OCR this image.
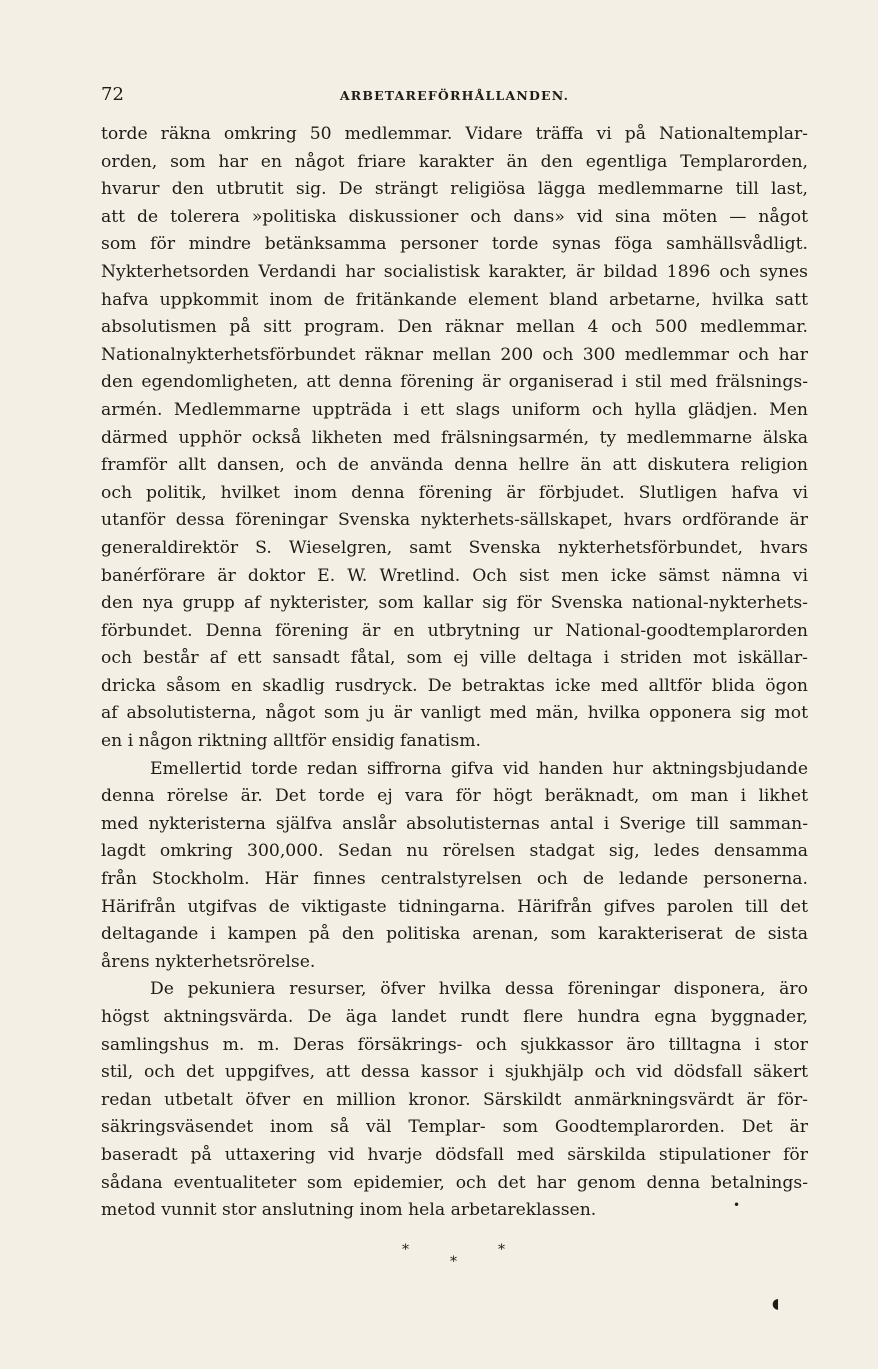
72	ARBETAREFÖRHÅLLANDEN.
torde räkna omkring 50 medlemmar. Vidare träffa vi på Nationaltemplar-
orden, som har en något friare karakter än den egentliga Templarorden,
hvarur den utbrutit sig. De strängt religiösa lägga medlemmarne till last,
att de tolerera »politiska diskussioner och dans» vid sina möten — något
som för mindre betänksamma personer torde synas föga samhällsvådligt.
Nykterhetsorden Verdandi har socialistisk karakter, är bildad 1896 och synes
hafva uppkommit inom de fritänkande element bland arbetarne, hvilka satt
absolutismen på sitt program. Den räknar mellan 4 och 500 medlemmar.
Nationalnykterhetsförbundet räknar mellan 200 och 300 medlemmar och har
den egendomligheten, att denna förening är organiserad i stil med frälsnings-
armén. Medlemmarne uppträda i ett slags uniform och hylla glädjen. Men
därmed upphör också likheten med frälsningsarmén, ty medlemmarne älska
framför allt dansen, och de använda denna hellre än att diskutera religion
och politik, hvilket inom denna förening är förbjudet. Slutligen hafva vi
utanför dessa föreningar Svenska nykterhets-sällskapet, hvars ordförande är
generaldirektör S. Wieselgren, samt Svenska nykterhetsförbundet, hvars
banérförare är doktor E. W. Wretlind. Och sist men icke sämst nämna vi
den nya grupp af nykterister, som kallar sig för Svenska national-nykterhets-
förbundet. Denna förening är en utbrytning ur National-goodtemplarorden
och består af ett sansadt fåtal, som ej ville deltaga i striden mot iskällar-
dricka såsom en skadlig rusdryck. De betraktas icke med alltför blida ögon
af absolutisterna, något som ju är vanligt med män, hvilka opponera sig mot
en i någon riktning alltför ensidig fanatism.
Emellertid torde redan siffrorna gifva vid handen hur aktningsbjudande
denna rörelse är. Det torde ej vara för högt beräknadt, om man i likhet
med nykteristerna själfva anslår absolutisternas antal i Sverige till samman-
lagdt omkring 300,000. Sedan nu rörelsen stadgat sig, ledes densamma
från Stockholm. Här finnes centralstyrelsen och de ledande personerna.
Härifrån utgifvas de viktigaste tidningarna. Härifrån gifves parolen till det
deltagande i kampen på den politiska arenan, som karakteriserat de sista
årens nykterhetsrörelse.
De pekuniera resurser, öfver hvilka dessa föreningar disponera, äro
högst aktningsvärda. De äga landet rundt flere hundra egna byggnader,
samlingshus m. m. Deras försäkrings- och sjukkassor äro tilltagna i stor
stil, och det uppgifves, att dessa kassor i sjukhjälp och vid dödsfall säkert
redan utbetalt öfver en million kronor. Särskildt anmärkningsvärdt är för-
säkringsväsendet inom så väl Templar- som Goodtemplarorden. Det är
baseradt på uttaxering vid hvarje dödsfall med särskilda stipulationer för
sådana eventualiteter som epidemier, och det har genom denna betalnings-
metod vunnit stor anslutning inom hela arbetareklassen.	•
*	*
*
◖
